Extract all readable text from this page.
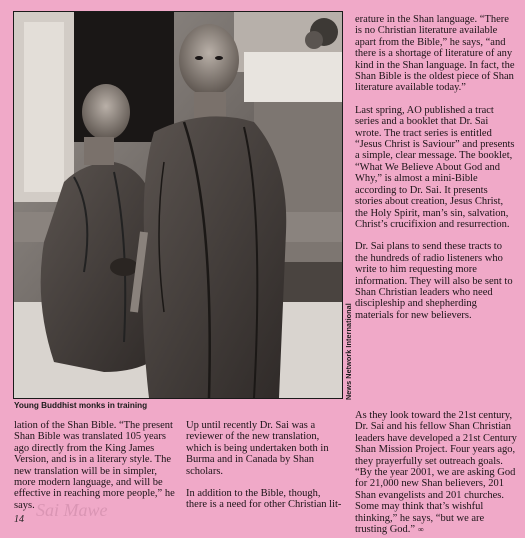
Young Buddhist monks in training
News Network International

erature in the Shan language. “There is no Christian literature available apart from the Bible,” he says, “and there is a shortage of literature of any kind in the Shan language. In fact, the Shan Bible is the oldest piece of Shan literature available today.”

Last spring, AO published a tract series and a booklet that Dr. Sai wrote. The tract series is entitled “Jesus Christ is Saviour” and presents a simple, clear message. The booklet, “What We Believe About God and Why,” is almost a mini-Bible according to Dr. Sai. It presents stories about creation, Jesus Christ, the Holy Spirit, man’s sin, salvation, Christ’s crucifixion and resurrection.

Dr. Sai plans to send these tracts to the hundreds of radio listeners who write to him requesting more information. They will also be sent to Shan Christian leaders who need discipleship and shepherding materials for new believers.

lation of the Shan Bible. “The present Shan Bible was translated 105 years ago directly from the King James Version, and is in a literary style. The new translation will be in simpler, more modern language, and will be effective in reaching more people,” he says.

Up until recently Dr. Sai was a reviewer of the new translation, which is being undertaken both in Burma and in Canada by Shan scholars.

In addition to the Bible, though, there is a need for other Christian lit-

As they look toward the 21st century, Dr. Sai and his fellow Shan Christian leaders have developed a 21st Century Shan Mission Project. Four years ago, they prayerfully set outreach goals. “By the year 2001, we are asking God for 21,000 new Shan believers, 201 Shan evangelists and 201 churches. Some may think that’s wishful thinking,” he says, “but we are trusting God.” ∞

Sai Mawe
14
